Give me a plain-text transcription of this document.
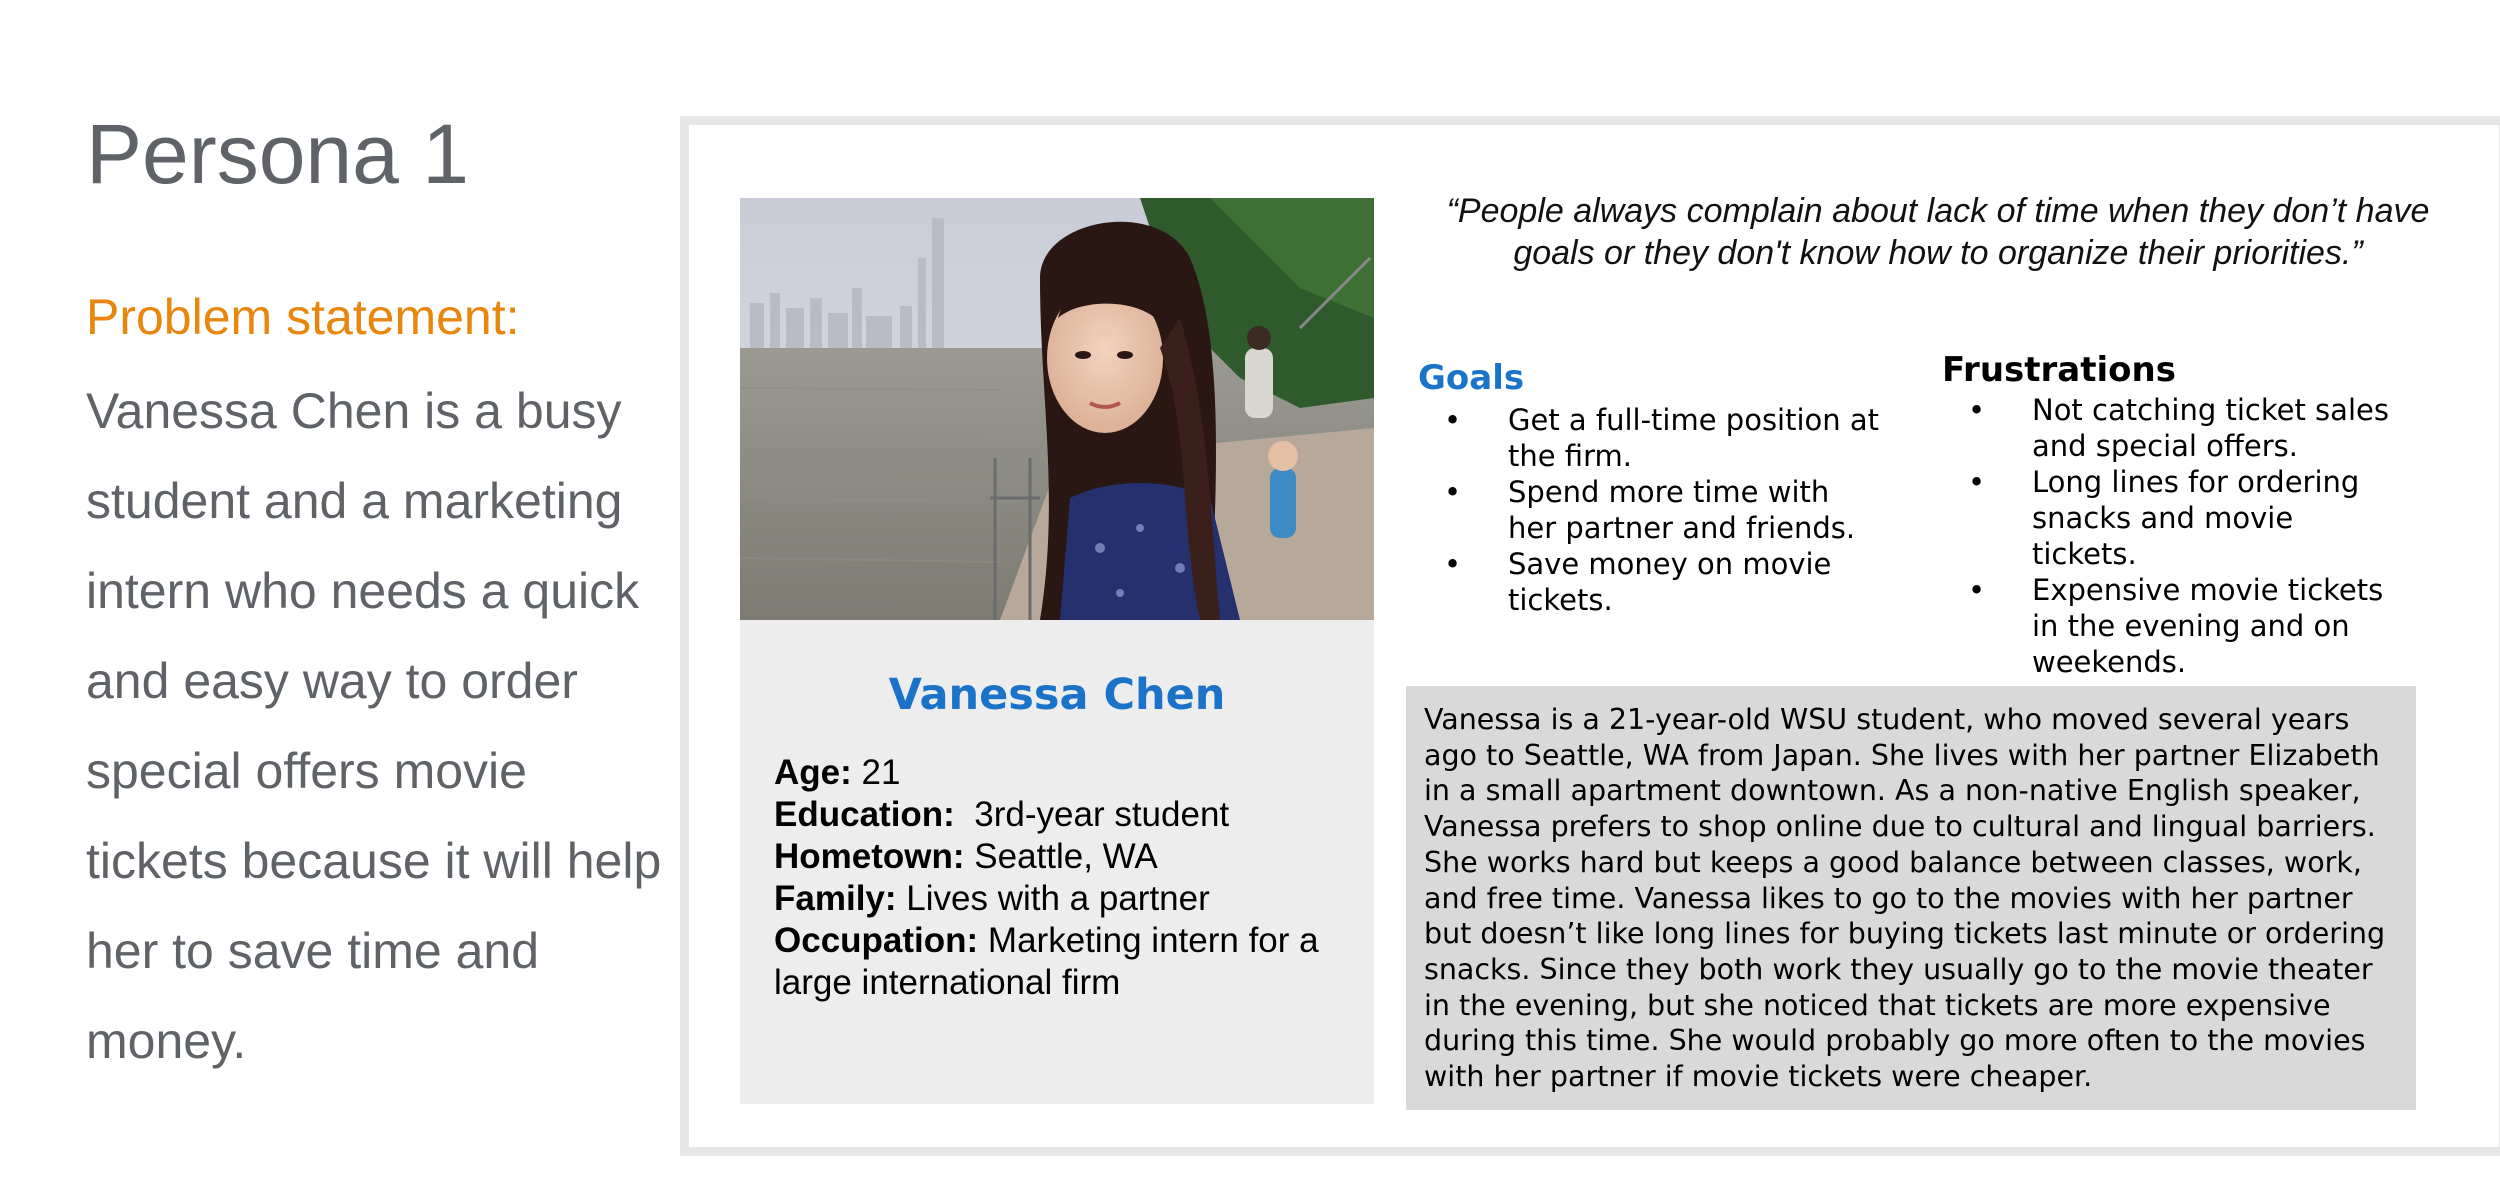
Persona 1
Problem statement:
Vanessa Chen is a busy student and a marketing intern who needs a quick and easy way to order special offers movie tickets because it will help her to save time and money.
Vanessa Chen
Age: 21
Education:  3rd-year student
Hometown: Seattle, WA
Family: Lives with a partner
Occupation: Marketing intern for a large international firm
“People always complain about lack of time when they don’t have goals or they don't know how to organize their priorities.”
Goals
• Get a full-time position at the firm.
• Spend more time with her partner and friends.
• Save money on movie tickets.
Frustrations
• Not catching ticket sales and special offers.
• Long lines for ordering snacks and movie tickets.
• Expensive movie tickets in the evening and on weekends.
Vanessa is a 21-year-old WSU student, who moved several years ago to Seattle, WA from Japan. She lives with her partner Elizabeth in a small apartment downtown. As a non-native English speaker, Vanessa prefers to shop online due to cultural and lingual barriers. She works hard but keeps a good balance between classes, work, and free time. Vanessa likes to go to the movies with her partner but doesn’t like long lines for buying tickets last minute or ordering snacks. Since they both work they usually go to the movie theater in the evening, but she noticed that tickets are more expensive during this time. She would probably go more often to the movies with her partner if movie tickets were cheaper.
